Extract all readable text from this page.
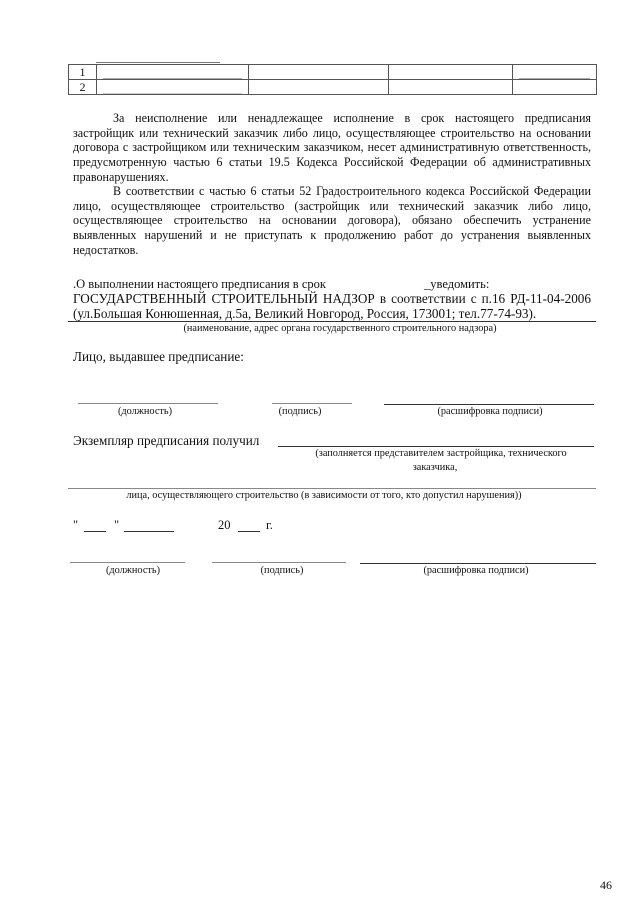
1	

2	

За неисполнение или ненадлежащее исполнение в срок настоящего предписания застройщик или технический заказчик либо лицо, осуществляющее строительство на основании договора с застройщиком или техническим заказчиком, несет административную ответственность, предусмотренную частью 6 статьи 19.5 Кодекса Российской Федерации об административных правонарушениях.

В соответствии с частью 6 статьи 52 Градостроительного кодекса Российской Федерации лицо, осуществляющее строительство (застройщик или технический заказчик либо лицо, осуществляющее строительство на основании договора), обязано обеспечить устранение выявленных нарушений и не приступать к продолжению работ до устранения выявленных недостатков.

.О выполнении настоящего предписания в срок	_уведомить:
ГОСУДАРСТВЕННЫЙ СТРОИТЕЛЬНЫЙ НАДЗОР в соответствии с п.16 РД-11-04-2006
(ул.Большая Конюшенная, д.5а, Великий Новгород, Россия, 173001; тел.77-74-93).
(наименование, адрес органа государственного строительного надзора)
Лицо, выдавшее предписание:
(должность)	(подпись)	(расшифровка подписи)
Экземпляр предписания получил
(заполняется представителем застройщика, технического
заказчика,
лица, осуществляющего строительство (в зависимости от того, кто допустил нарушения))
"	"	20	г.
(должность)	(подпись)	(расшифровка подписи)
46
